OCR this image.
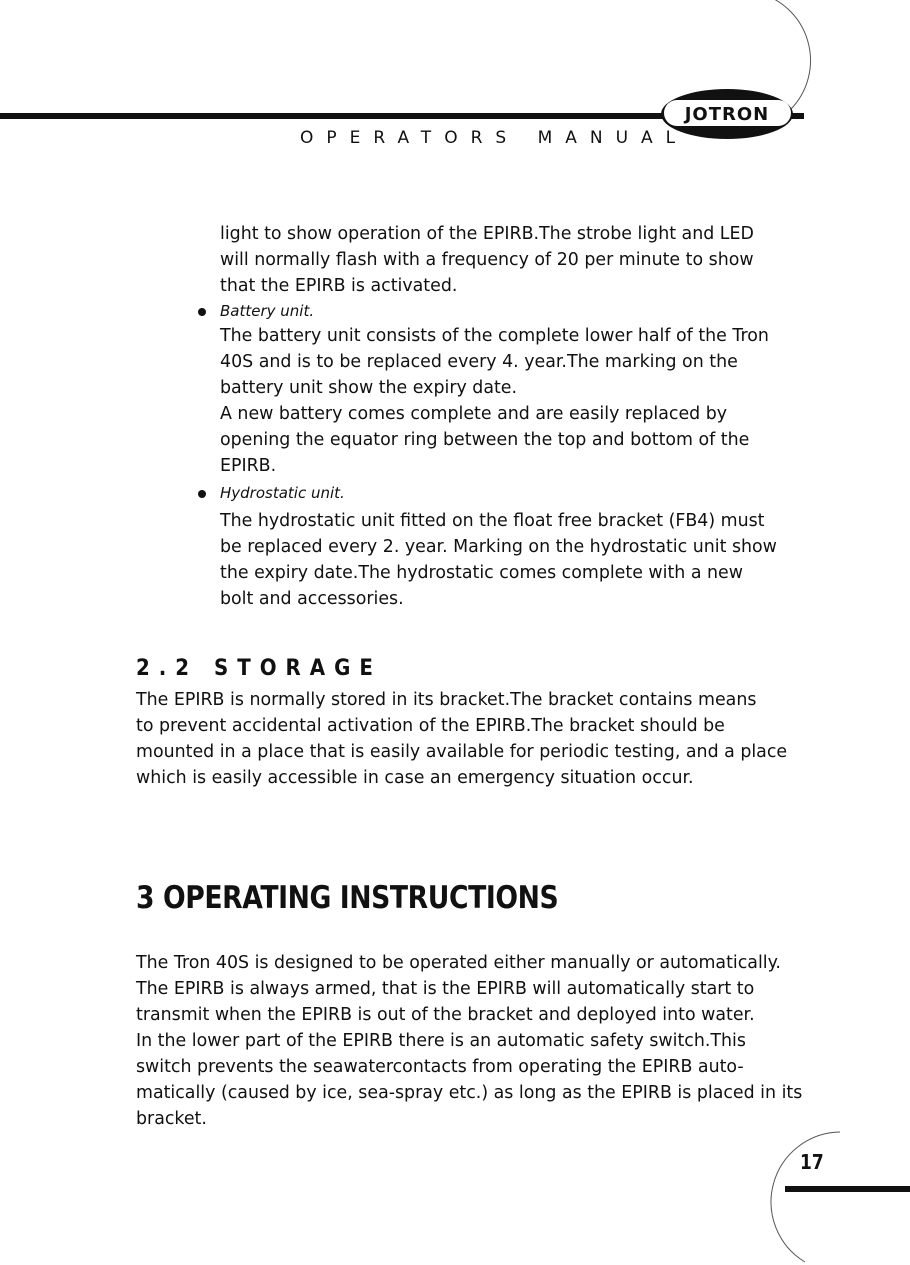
JOTRON
OPERATORS MANUAL
light to show operation of the EPIRB.The strobe light and LED
will normally flash with a frequency of 20 per minute to show
that the EPIRB is activated.
Battery unit.
The battery unit consists of the complete lower half of the Tron
40S and is to be replaced every 4. year.The marking on the
battery unit show the expiry date.
A new battery comes complete and are easily replaced by
opening the equator ring between the top and bottom of the
EPIRB.
Hydrostatic unit.
The hydrostatic unit fitted on the float free bracket (FB4) must
be replaced every 2. year. Marking on the hydrostatic unit show
the expiry date.The hydrostatic comes complete with a new
bolt and accessories.
2.2 STORAGE
The EPIRB is normally stored in its bracket.The bracket contains means
to prevent accidental activation of the EPIRB.The bracket should be
mounted in a place that is easily available for periodic testing, and a place
which is easily accessible in case an emergency situation occur.
3 OPERATING INSTRUCTIONS
The Tron 40S is designed to be operated either manually or automatically.
The EPIRB is always armed, that is the EPIRB will automatically start to
transmit when the EPIRB is out of the bracket and deployed into water.
In the lower part of the EPIRB there is an automatic safety switch.This
switch prevents the seawatercontacts from operating the EPIRB auto-
matically (caused by ice, sea-spray etc.) as long as the EPIRB is placed in its
bracket.
17
